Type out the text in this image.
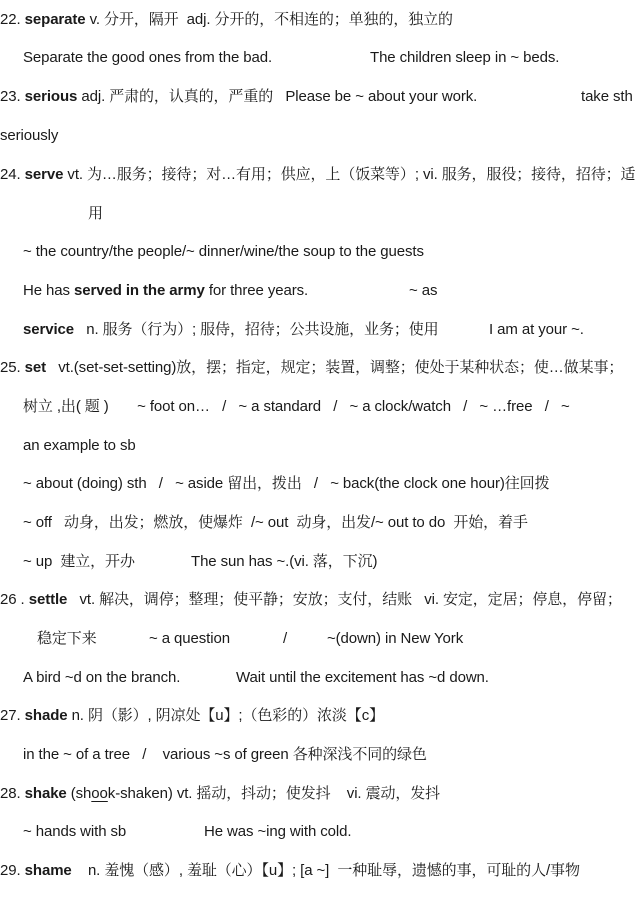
22. separate v. 分开，隔开  adj. 分开的，不相连的；单独的，独立的
Separate the good ones from the bad.	The children sleep in ~ beds.
23. serious adj. 严肃的，认真的，严重的   Please be ~ about your work.	take sth
seriously
24. serve vt. 为…服务；接待；对…有用；供应，上（饭菜等）; vi. 服务，服役；接待，招待；适
用
~ the country/the people/~ dinner/wine/the soup to the guests
He has served in the army for three years.	~ as
service   n. 服务（行为）; 服侍，招待；公共设施，业务；使用	I am at your ~.
25. set   vt.(set-set-setting)放，摆；指定，规定；装置，调整；使处于某种状态；使…做某事；
树立 ,出( 题 )       ~ foot on…   /   ~ a standard   /   ~ a clock/watch   /   ~ …free   /   ~
an example to sb
~ about (doing) sth   /   ~ aside 留出，拨出   /   ~ back(the clock one hour)往回拨
~ off   动身，出发；燃放，使爆炸  /~ out  动身，出发/~ out to do  开始，着手
~ up  建立，开办	The sun has ~.(vi. 落，下沉)
26 . settle   vt. 解决，调停；整理；使平静；安放；支付，结账   vi. 安定，定居；停息，停留；
稳定下来	~ a question	/	~(down) in New York
A bird ~d on the branch.	Wait until the excitement has ~d down.
27. shade n. 阴（影）, 阴凉处【u】;（色彩的）浓淡【c】
in the ~ of a tree   /    various ~s of green 各种深浅不同的绿色
28. shake (shook-shaken) vt. 摇动，抖动；使发抖    vi. 震动，发抖
~ hands with sb	He was ~ing with cold.
29. shame    n. 羞愧（感）, 羞耻（心）【u】; [a ~]  一种耻辱，遗憾的事，可耻的人/事物
